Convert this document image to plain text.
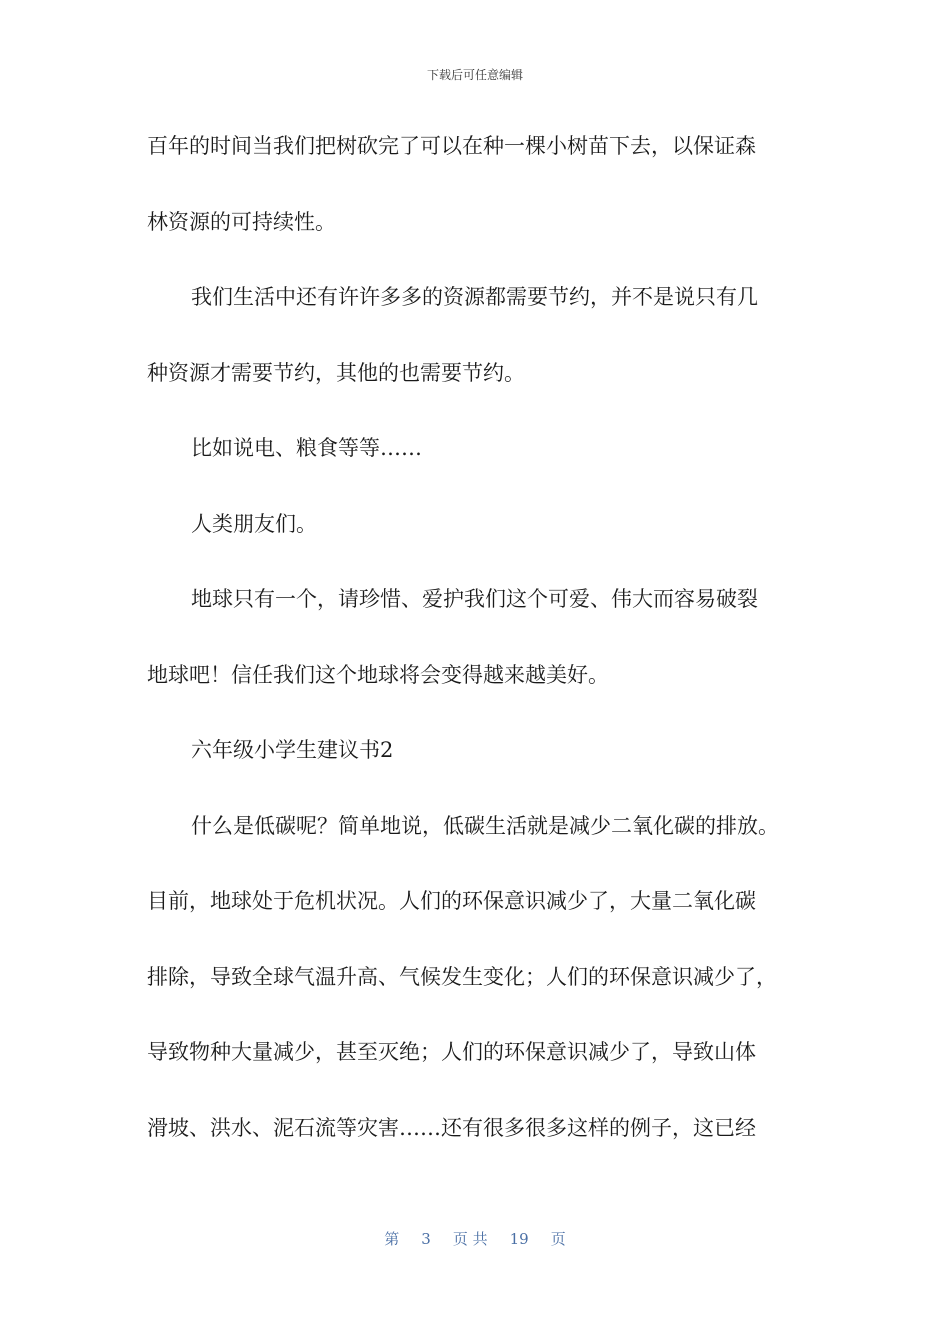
下载后可任意编辑
百年的时间当我们把树砍完了可以在种一棵小树苗下去，以保证森
林资源的可持续性。
我们生活中还有许许多多的资源都需要节约，并不是说只有几
种资源才需要节约，其他的也需要节约。
比如说电、粮食等等……
人类朋友们。
地球只有一个，请珍惜、爱护我们这个可爱、伟大而容易破裂
地球吧！信任我们这个地球将会变得越来越美好。
六年级小学生建议书2
什么是低碳呢？简单地说，低碳生活就是减少二氧化碳的排放。
目前，地球处于危机状况。人们的环保意识减少了，大量二氧化碳
排除，导致全球气温升高、气候发生变化；人们的环保意识减少了，
导致物种大量减少，甚至灭绝；人们的环保意识减少了，导致山体
滑坡、洪水、泥石流等灾害……还有很多很多这样的例子，这已经
第 3 页 共 19 页
